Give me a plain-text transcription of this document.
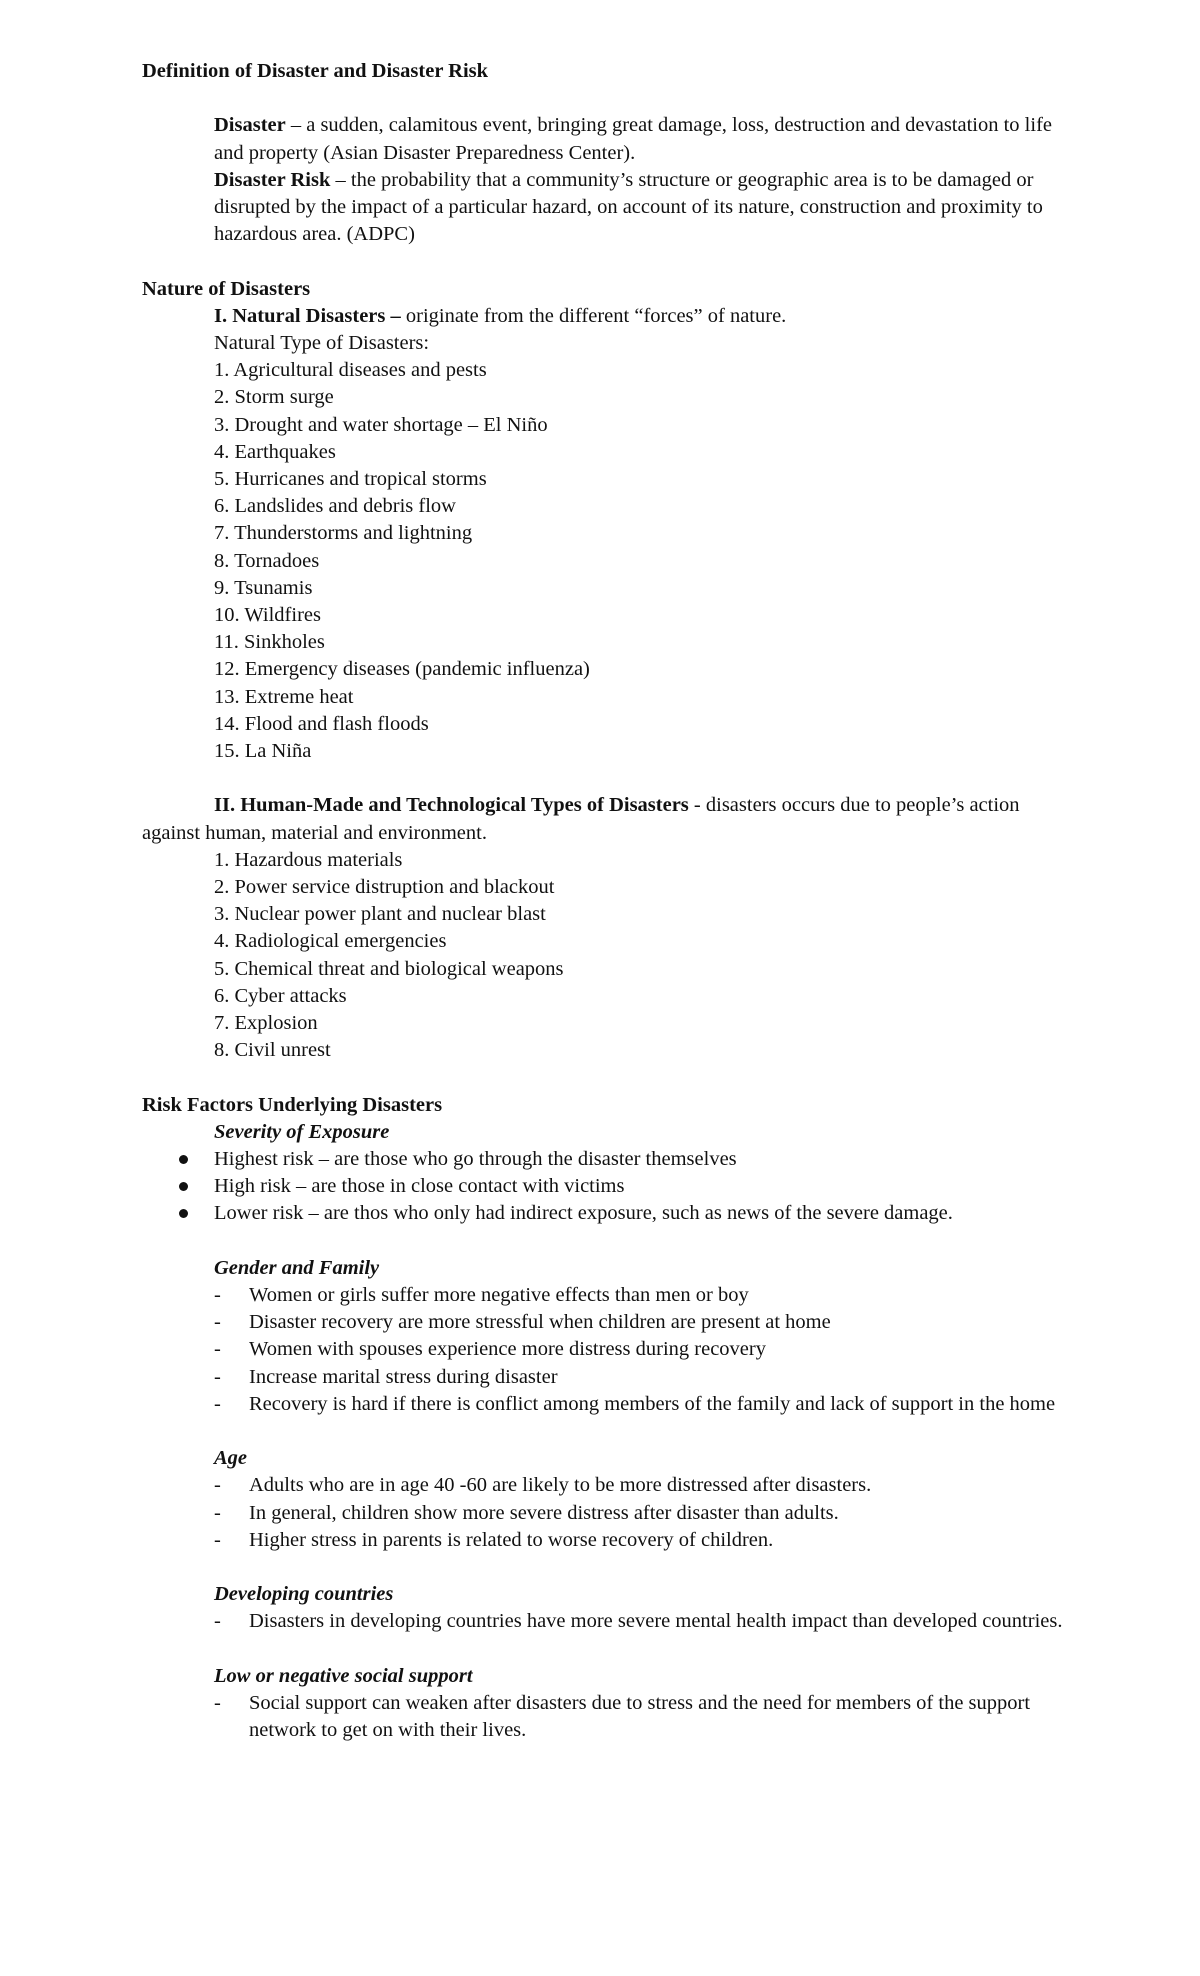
Definition of Disaster and Disaster Risk

Disaster – a sudden, calamitous event, bringing great damage, loss, destruction and devastation to life and property (Asian Disaster Preparedness Center).

Disaster Risk – the probability that a community’s structure or geographic area is to be damaged or disrupted by the impact of a particular hazard, on account of its nature, construction and proximity to hazardous area. (ADPC)

Nature of Disasters

I. Natural Disasters – originate from the different “forces” of nature.

Natural Type of Disasters:

1. Agricultural diseases and pests
2. Storm surge
3. Drought and water shortage – El Niño
4. Earthquakes
5. Hurricanes and tropical storms
6. Landslides and debris flow
7. Thunderstorms and lightning
8. Tornadoes
9. Tsunamis
10. Wildfires
11. Sinkholes
12. Emergency diseases (pandemic influenza)
13. Extreme heat
14. Flood and flash floods
15. La Niña

II. Human-Made and Technological Types of Disasters - disasters occurs due to people’s action against human, material and environment.

1. Hazardous materials
2. Power service distruption and blackout
3. Nuclear power plant and nuclear blast
4. Radiological emergencies
5. Chemical threat and biological weapons
6. Cyber attacks
7. Explosion
8. Civil unrest

Risk Factors Underlying Disasters

Severity of Exposure

Highest risk – are those who go through the disaster themselves
High risk – are those in close contact with victims
Lower risk – are thos who only had indirect exposure, such as news of the severe damage.

Gender and Family

- Women or girls suffer more negative effects than men or boy
- Disaster recovery are more stressful when children are present at home
- Women with spouses experience more distress during recovery
- Increase marital stress during disaster
- Recovery is hard if there is conflict among members of the family and lack of support in the home

Age

- Adults who are in age 40 -60 are likely to be more distressed after disasters.
- In general, children show more severe distress after disaster than adults.
- Higher stress in parents is related to worse recovery of children.

Developing countries

- Disasters in developing countries have more severe mental health impact than developed countries.

Low or negative social support

- Social support can weaken after disasters due to stress and the need for members of the support network to get on with their lives.
